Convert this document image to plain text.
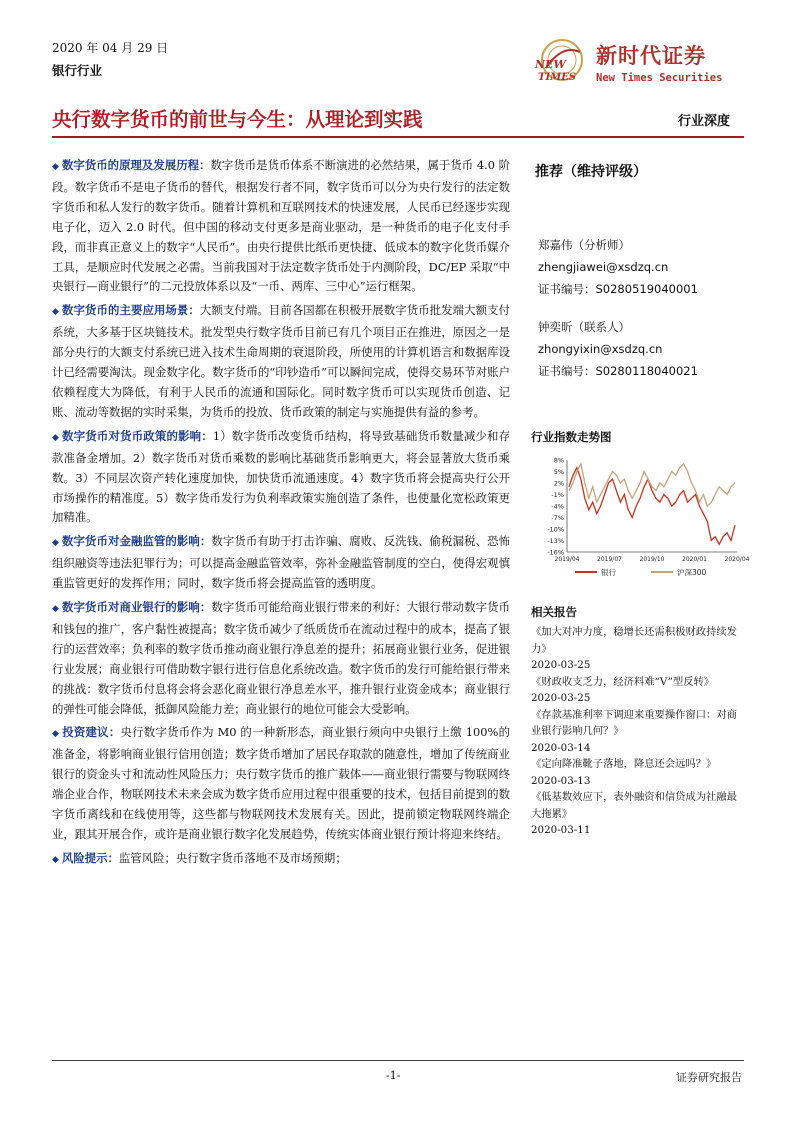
2020 年 04 月 29 日
银行行业	NEW
TIMES
新时代证券
New Times Securities
央行数字货币的前世与今生：从理论到实践	行业深度

◆ 数字货币的原理及发展历程：数字货币是货币体系不断演进的必然结果，属于货币 4.0 阶段。数字货币不是电子货币的替代，根据发行者不同，数字货币可以分为央行发行的法定数字货币和私人发行的数字货币。随着计算机和互联网技术的快速发展，人民币已经逐步实现电子化，迈入 2.0 时代。但中国的移动支付更多是商业驱动，是一种货币的电子化支付手段，而非真正意义上的数字“人民币”。由央行提供比纸币更快捷、低成本的数字化货币媒介工具，是顺应时代发展之必需。当前我国对于法定数字货币处于内测阶段，DC/EP 采取“中央银行—商业银行”的二元投放体系以及“一币、两库、三中心”运行框架。

◆ 数字货币的主要应用场景：大额支付端。目前各国都在积极开展数字货币批发端大额支付系统，大多基于区块链技术。批发型央行数字货币目前已有几个项目正在推进，原因之一是部分央行的大额支付系统已进入技术生命周期的衰退阶段，所使用的计算机语言和数据库设计已经需要淘汰。现金数字化。数字货币的“印钞造币”可以瞬间完成，使得交易环节对账户依赖程度大为降低，有利于人民币的流通和国际化。同时数字货币可以实现货币创造、记账、流动等数据的实时采集，为货币的投放、货币政策的制定与实施提供有益的参考。

◆ 数字货币对货币政策的影响：1）数字货币改变货币结构，将导致基础货币数量减少和存款准备金增加。2）数字货币对货币乘数的影响比基础货币影响更大，将会显著放大货币乘数。3）不同层次资产转化速度加快，加快货币流通速度。4）数字货币将会提高央行公开市场操作的精准度。5）数字货币发行为负利率政策实施创造了条件，也使量化宽松政策更加精准。

◆ 数字货币对金融监管的影响：数字货币有助于打击诈骗、腐败、反洗钱、偷税漏税、恐怖组织融资等违法犯罪行为；可以提高金融监管效率，弥补金融监管制度的空白，使得宏观慎重监管更好的发挥作用；同时，数字货币将会提高监管的透明度。

◆ 数字货币对商业银行的影响：数字货币可能给商业银行带来的利好：大银行带动数字货币和钱包的推广，客户黏性被提高；数字货币减少了纸质货币在流动过程中的成本，提高了银行的运营效率；负利率的数字货币推动商业银行净息差的提升；拓展商业银行业务，促进银行业发展；商业银行可借助数字银行进行信息化系统改造。数字货币的发行可能给银行带来的挑战：数字货币付息将会将会恶化商业银行净息差水平，推升银行业资金成本；商业银行的弹性可能会降低，抵御风险能力差；商业银行的地位可能会大受影响。

◆ 投资建议：央行数字货币作为 M0 的一种新形态，商业银行须向中央银行上缴 100%的准备金，将影响商业银行信用创造；数字货币增加了居民存取款的随意性，增加了传统商业银行的资金头寸和流动性风险压力；央行数字货币的推广载体——商业银行需要与物联网终端企业合作，物联网技术未来会成为数字货币应用过程中很重要的技术，包括目前提到的数字货币离线和在线使用等，这些都与物联网技术发展有关。因此，提前锁定物联网终端企业，跟其开展合作，或许是商业银行数字化发展趋势，传统实体商业银行预计将迎来终结。

◆ 风险提示：监管风险；央行数字货币落地不及市场预期；

推荐（维持评级）
郑嘉伟（分析师）
zhengjiawei@xsdzq.cn
证书编号：S0280519040001
钟奕昕（联系人）
zhongyixin@xsdzq.cn
证书编号：S0280118040021
行业指数走势图
8%
5%
2%
-1%
-4%
-7%
-10%
-13%
-16%
2019/04	2019/07	2019/10	2020/01	2020/04
银行	沪深300
相关报告
《加大对冲力度，稳增长还需积极财政持续发力》
2020-03-25
《财政收支乏力，经济料难“V”型反转》
2020-03-25
《存款基准利率下调迎来重要操作窗口：对商业银行影响几何？》
2020-03-14
《定向降准靴子落地，降息还会远吗？》
2020-03-13
《低基数效应下，表外融资和信贷成为社融最大拖累》
2020-03-11
-1-	证券研究报告
